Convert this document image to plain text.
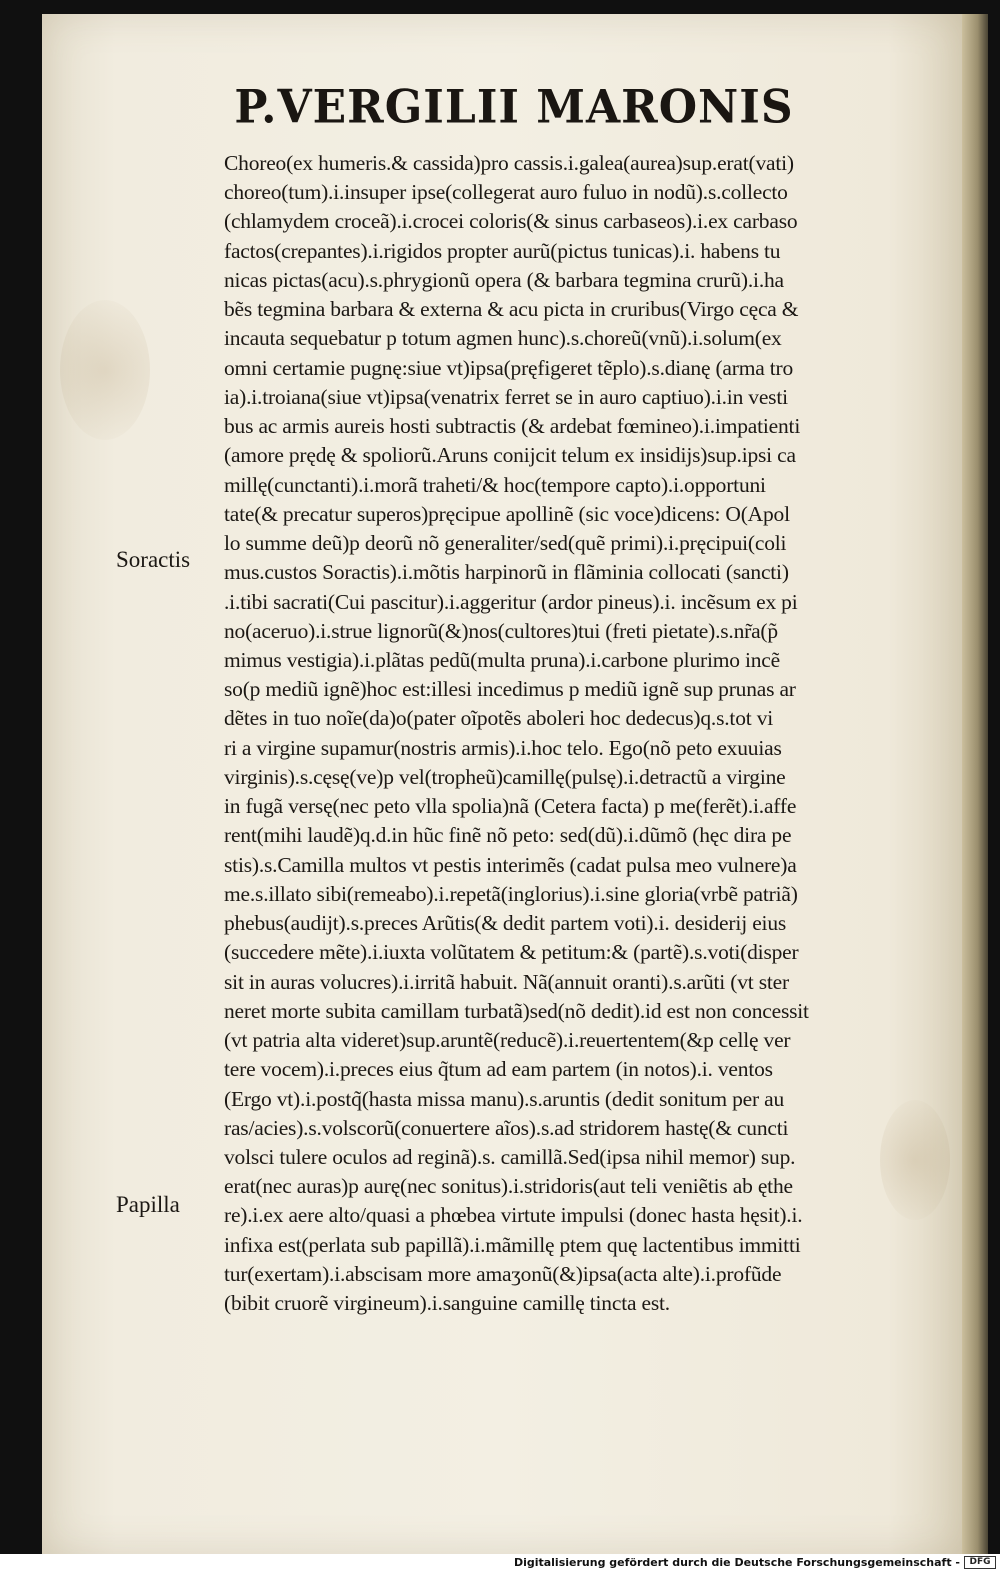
P.VERGILII MARONIS
Soractis
Papilla
Choreo(ex humeris.& cassida)pro cassis.i.galea(aurea)sup.erat(vati)
choreo(tum).i.insuper ipse(collegerat auro fuluo in nodũ).s.collecto
(chlamydem croceã).i.crocei coloris(& sinus carbaseos).i.ex carbaso
factos(crepantes).i.rigidos propter aurũ(pictus tunicas).i. habens tu
nicas pictas(acu).s.phrygionũ opera (& barbara tegmina crurũ).i.ha
bẽs tegmina barbara & externa & acu picta in cruribus(Virgo cęca &
incauta sequebatur p totum agmen hunc).s.choreũ(vnũ).i.solum(ex
omni certamie pugnę:siue vt)ipsa(pręfigeret tẽplo).s.dianę (arma tro
ia).i.troiana(siue vt)ipsa(venatrix ferret se in auro captiuo).i.in vesti
bus ac armis aureis hosti subtractis (& ardebat fœmineo).i.impatienti
(amore prędę & spoliorũ.Aruns conĳcit telum ex insidĳs)sup.ipsi ca
millę(cunctanti).i.morã traheti/& hoc(tempore capto).i.opportuni
tate(& precatur superos)pręcipue apollinẽ (sic voce)dicens: O(Apol
lo summe deũ)p deorũ nõ generaliter/sed(quẽ primi).i.pręcipui(coli
mus.custos Soractis).i.mõtis harpinorũ in flãminia collocati (sancti)
.i.tibi sacrati(Cui pascitur).i.aggeritur (ardor pineus).i. incẽsum ex pi
no(aceruo).i.strue lignorũ(&)nos(cultores)tui (freti pietate).s.nr̃a(p̃
mimus vestigia).i.plãtas pedũ(multa pruna).i.carbone plurimo incẽ
so(p mediũ ignẽ)hoc est:illesi incedimus p mediũ ignẽ sup prunas ar
dẽtes in tuo noĩe(da)o(pater oĩpotẽs aboleri hoc dedecus)q.s.tot vi
ri a virgine supamur(nostris armis).i.hoc telo. Ego(nõ peto exuuias
virginis).s.cęsę(ve)p vel(tropheũ)camillę(pulsę).i.detractũ a virgine
in fugã versę(nec peto vlla spolia)nã (Cetera facta) p me(ferẽt).i.affe
rent(mihi laudẽ)q.d.in hũc finẽ nõ peto: sed(dũ).i.dũmõ (hęc dira pe
stis).s.Camilla multos vt pestis interimẽs (cadat pulsa meo vulnere)a
me.s.illato sibi(remeabo).i.repetã(inglorius).i.sine gloria(vrbẽ patriã)
phebus(audĳt).s.preces Arũtis(& dedit partem voti).i. desiderĳ eius
(succedere mẽte).i.iuxta volũtatem & petitum:& (partẽ).s.voti(disper
sit in auras volucres).i.irritã habuit. Nã(annuit oranti).s.arũti (vt ster
neret morte subita camillam turbatã)sed(nõ dedit).id est non concessit
(vt patria alta videret)sup.aruntẽ(reducẽ).i.reuertentem(&p cellę ver
tere vocem).i.preces eius q̃tum ad eam partem (in notos).i. ventos
(Ergo vt).i.postq̃(hasta missa manu).s.aruntis (dedit sonitum per au
ras/acies).s.volscorũ(conuertere aĩos).s.ad stridorem hastę(& cuncti
volsci tulere oculos ad reginã).s. camillã.Sed(ipsa nihil memor) sup.
erat(nec auras)p aurę(nec sonitus).i.stridoris(aut teli veniẽtis ab ęthe
re).i.ex aere alto/quasi a phœbea virtute impulsi (donec hasta hęsit).i.
infixa est(perlata sub papillã).i.mãmillę ptem quę lactentibus immitti
tur(exertam).i.abscisam more amaʒonũ(&)ipsa(acta alte).i.profũde
(bibit cruorẽ virgineum).i.sanguine camillę tincta est.
Digitalisierung gefördert durch die Deutsche Forschungsgemeinschaft -	DFG
